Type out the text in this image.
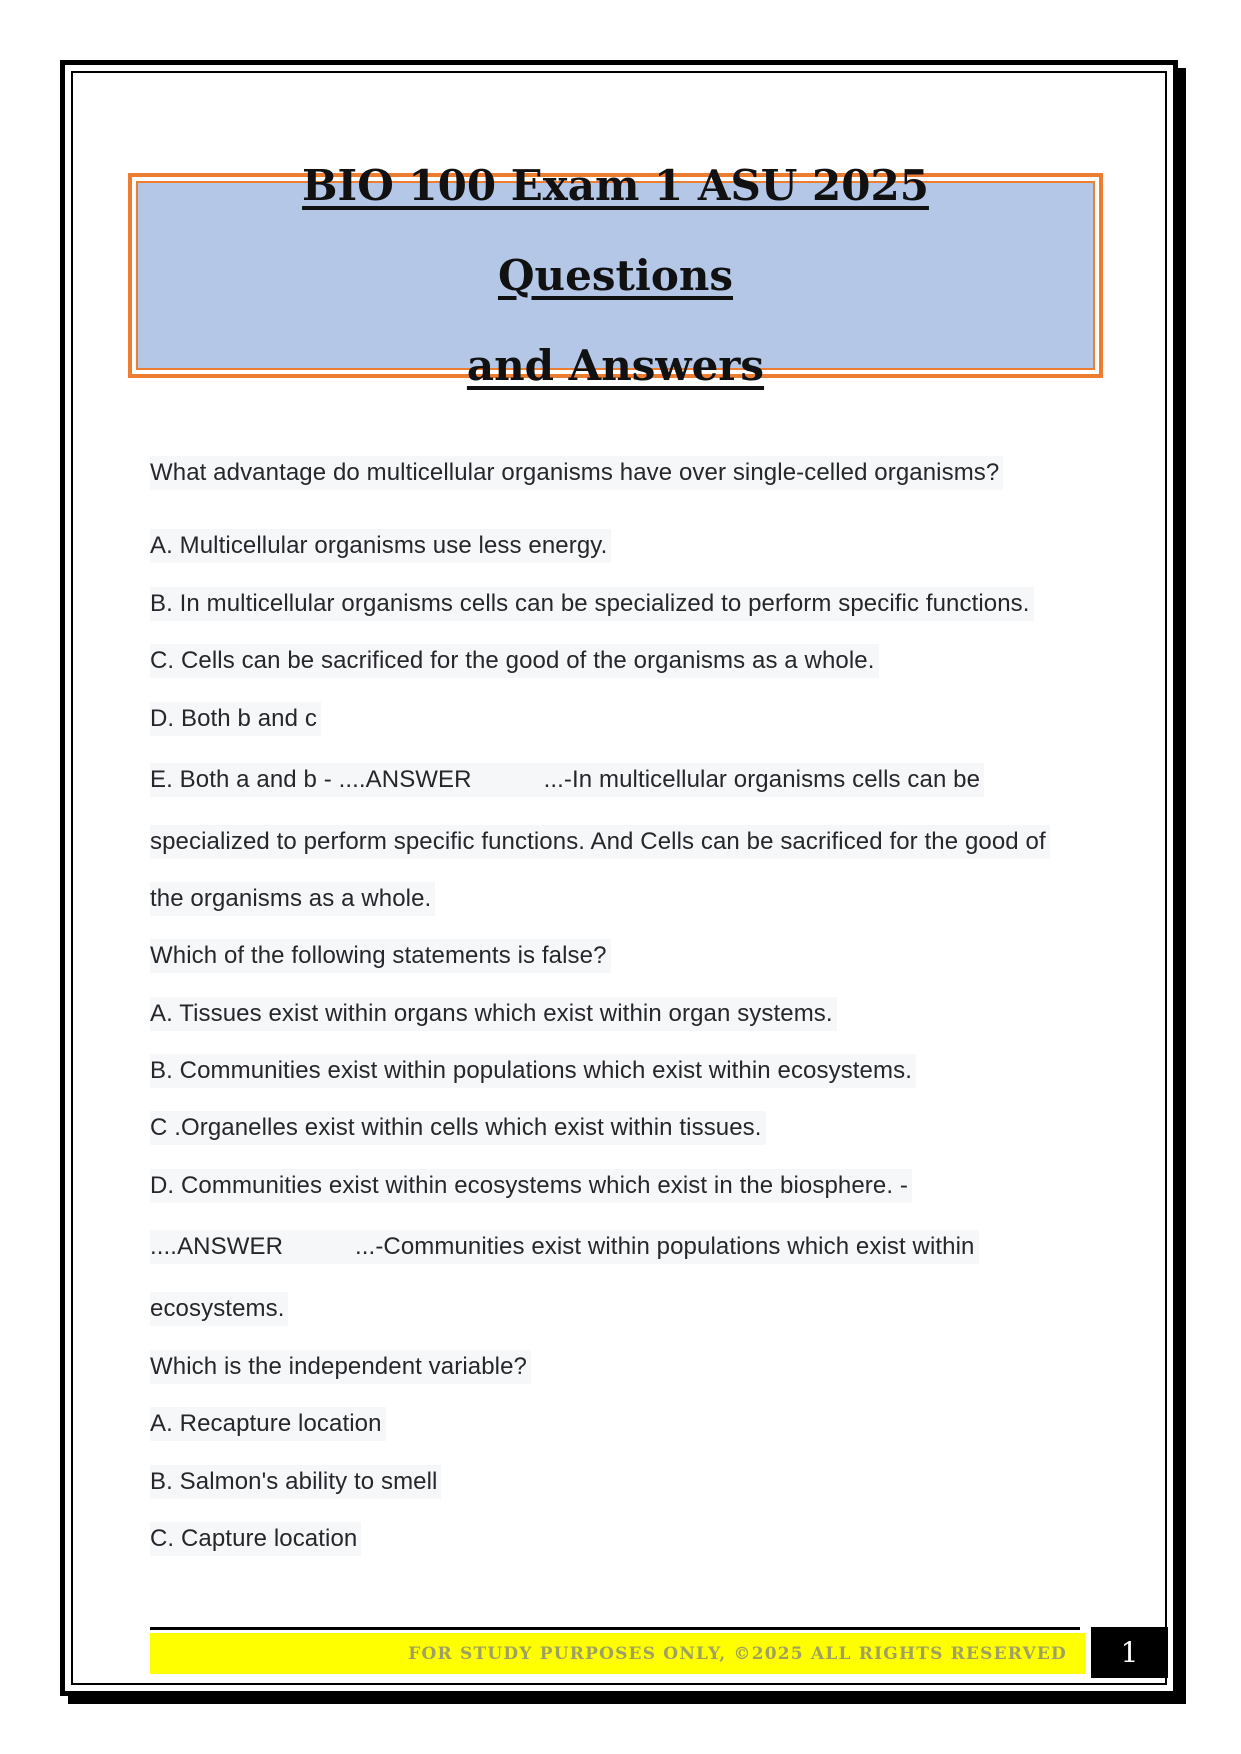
BIO 100 Exam 1 ASU 2025 Questions
and Answers
What advantage do multicellular organisms have over single-celled organisms?
A. Multicellular organisms use less energy.
B. In multicellular organisms cells can be specialized to perform specific functions.
C. Cells can be sacrificed for the good of the organisms as a whole.
D. Both b and c
E. Both a and b - ....ANSWER	...-In multicellular organisms cells can be
specialized to perform specific functions. And Cells can be sacrificed for the good of
the organisms as a whole.
Which of the following statements is false?
A. Tissues exist within organs which exist within organ systems.
B. Communities exist within populations which exist within ecosystems.
C .Organelles exist within cells which exist within tissues.
D. Communities exist within ecosystems which exist in the biosphere. -
....ANSWER	...-Communities exist within populations which exist within
ecosystems.
Which is the independent variable?
A. Recapture location
B. Salmon's ability to smell
C. Capture location
FOR STUDY PURPOSES ONLY, ©2025 ALL RIGHTS RESERVED	1
